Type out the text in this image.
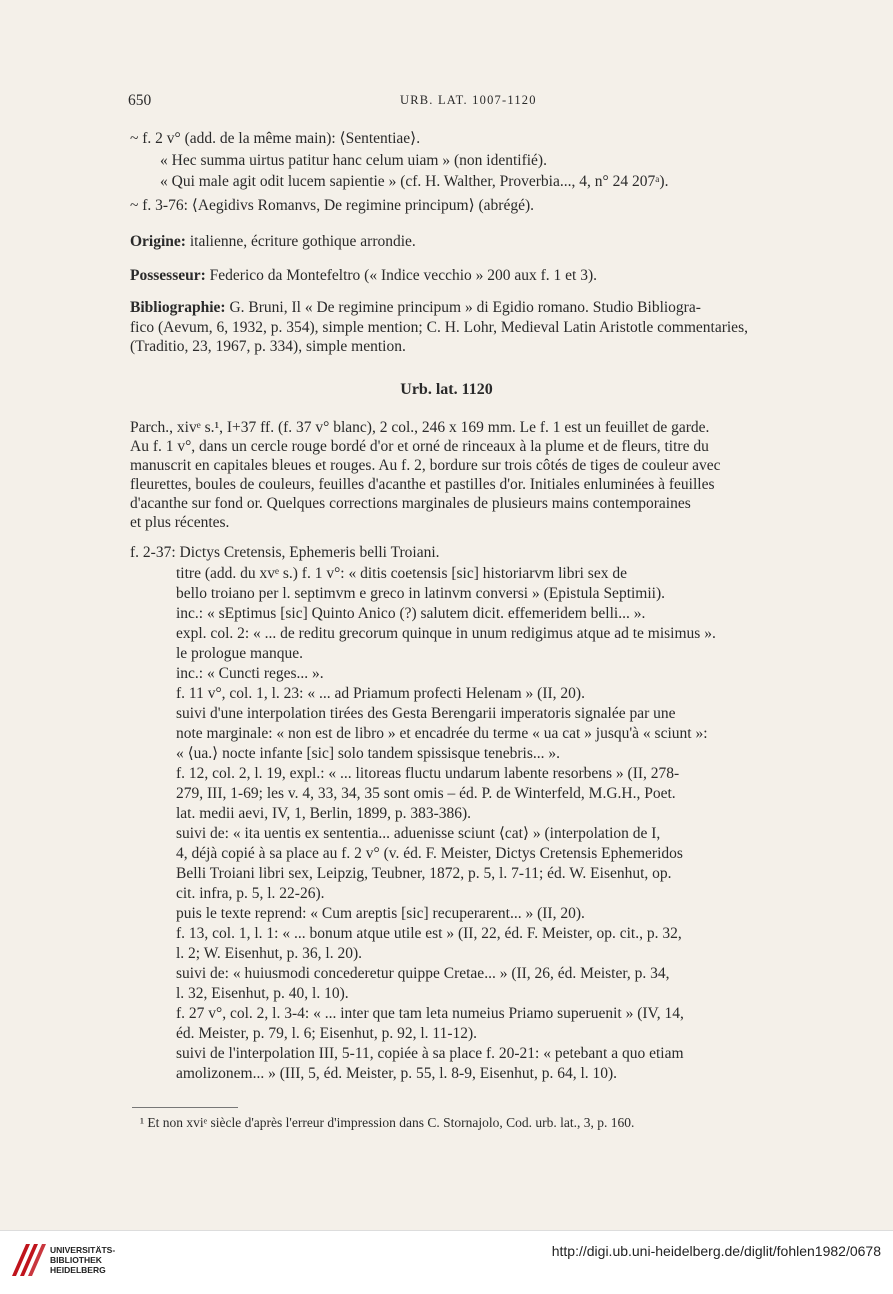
650	URB. LAT. 1007-1120
~ f. 2 v° (add. de la même main): ⟨Sententiae⟩.
« Hec summa uirtus patitur hanc celum uiam » (non identifié).
« Qui male agit odit lucem sapientie » (cf. H. Walther, Proverbia..., 4, n° 24 207ᵃ).
~ f. 3-76: ⟨Aegidivs Romanvs, De regimine principum⟩ (abrégé).
Origine: italienne, écriture gothique arrondie.
Possesseur: Federico da Montefeltro (« Indice vecchio » 200 aux f. 1 et 3).
Bibliographie: G. Bruni, Il « De regimine principum » di Egidio romano. Studio Bibliogra-
fico (Aevum, 6, 1932, p. 354), simple mention; C. H. Lohr, Medieval Latin Aristotle commentaries,
(Traditio, 23, 1967, p. 334), simple mention.
Urb. lat. 1120
Parch., xivᵉ s.¹, I+37 ff. (f. 37 v° blanc), 2 col., 246 x 169 mm. Le f. 1 est un feuillet de garde.
Au f. 1 v°, dans un cercle rouge bordé d'or et orné de rinceaux à la plume et de fleurs, titre du
manuscrit en capitales bleues et rouges. Au f. 2, bordure sur trois côtés de tiges de couleur avec
fleurettes, boules de couleurs, feuilles d'acanthe et pastilles d'or. Initiales enluminées à feuilles
d'acanthe sur fond or. Quelques corrections marginales de plusieurs mains contemporaines
et plus récentes.
f. 2-37: Dictys Cretensis, Ephemeris belli Troiani.
titre (add. du xvᵉ s.) f. 1 v°: « ditis coetensis [sic] historiarvm libri sex de
bello troiano per l. septimvm e greco in latinvm conversi » (Epistula Septimii).
inc.: « sEptimus [sic] Quinto Anico (?) salutem dicit. effemeridem belli... ».
expl. col. 2: « ... de reditu grecorum quinque in unum redigimus atque ad te misimus ».
le prologue manque.
inc.: « Cuncti reges... ».
f. 11 v°, col. 1, l. 23: « ... ad Priamum profecti Helenam » (II, 20).
suivi d'une interpolation tirées des Gesta Berengarii imperatoris signalée par une
note marginale: « non est de libro » et encadrée du terme « ua cat » jusqu'à « sciunt »:
« ⟨ua.⟩ nocte infante [sic] solo tandem spissisque tenebris... ».
f. 12, col. 2, l. 19, expl.: « ... litoreas fluctu undarum labente resorbens » (II, 278-
279, III, 1-69; les v. 4, 33, 34, 35 sont omis – éd. P. de Winterfeld, M.G.H., Poet.
lat. medii aevi, IV, 1, Berlin, 1899, p. 383-386).
suivi de: « ita uentis ex sententia... aduenisse sciunt ⟨cat⟩ » (interpolation de I,
4, déjà copié à sa place au f. 2 v° (v. éd. F. Meister, Dictys Cretensis Ephemeridos
Belli Troiani libri sex, Leipzig, Teubner, 1872, p. 5, l. 7-11; éd. W. Eisenhut, op.
cit. infra, p. 5, l. 22-26).
puis le texte reprend: « Cum areptis [sic] recuperarent... » (II, 20).
f. 13, col. 1, l. 1: « ... bonum atque utile est » (II, 22, éd. F. Meister, op. cit., p. 32,
l. 2; W. Eisenhut, p. 36, l. 20).
suivi de: « huiusmodi concederetur quippe Cretae... » (II, 26, éd. Meister, p. 34,
l. 32, Eisenhut, p. 40, l. 10).
f. 27 v°, col. 2, l. 3-4: « ... inter que tam leta numeius Priamo superuenit » (IV, 14,
éd. Meister, p. 79, l. 6; Eisenhut, p. 92, l. 11-12).
suivi de l'interpolation III, 5-11, copiée à sa place f. 20-21: « petebant a quo etiam
amolizonem... » (III, 5, éd. Meister, p. 55, l. 8-9, Eisenhut, p. 64, l. 10).
¹ Et non xviᵉ siècle d'après l'erreur d'impression dans C. Stornajolo, Cod. urb. lat., 3, p. 160.
UNIVERSITÄTS-
BIBLIOTHEK
HEIDELBERG
http://digi.ub.uni-heidelberg.de/diglit/fohlen1982/0678
